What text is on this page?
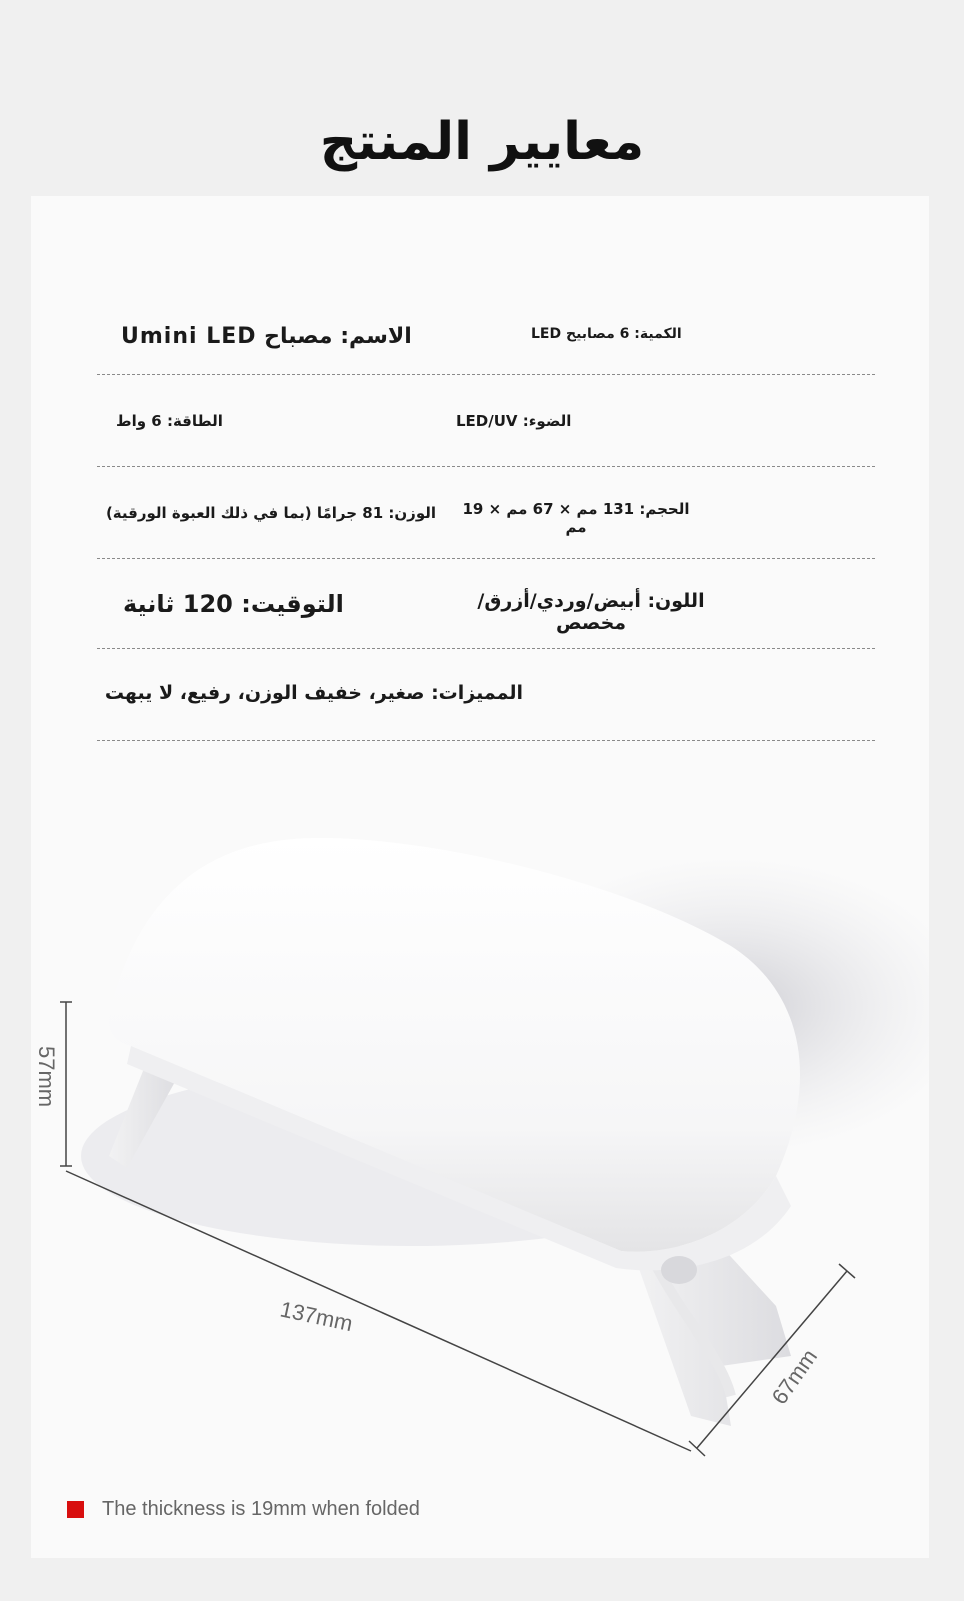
معايير المنتج
الاسم: مصباح Umini LED	الكمية: 6 مصابيح LED
الطاقة: 6 واط	الضوء: LED/UV
الوزن: 81 جرامًا (بما في ذلك العبوة الورقية) الحجم: 131 مم × 67 مم × 19 مم
التوقيت: 120 ثانية	اللون: أبيض/وردي/أزرق/ مخصص
المميزات: صغير، خفيف الوزن، رفيع، لا يبهت
57mm
137mm
67mm
The thickness is 19mm when folded
